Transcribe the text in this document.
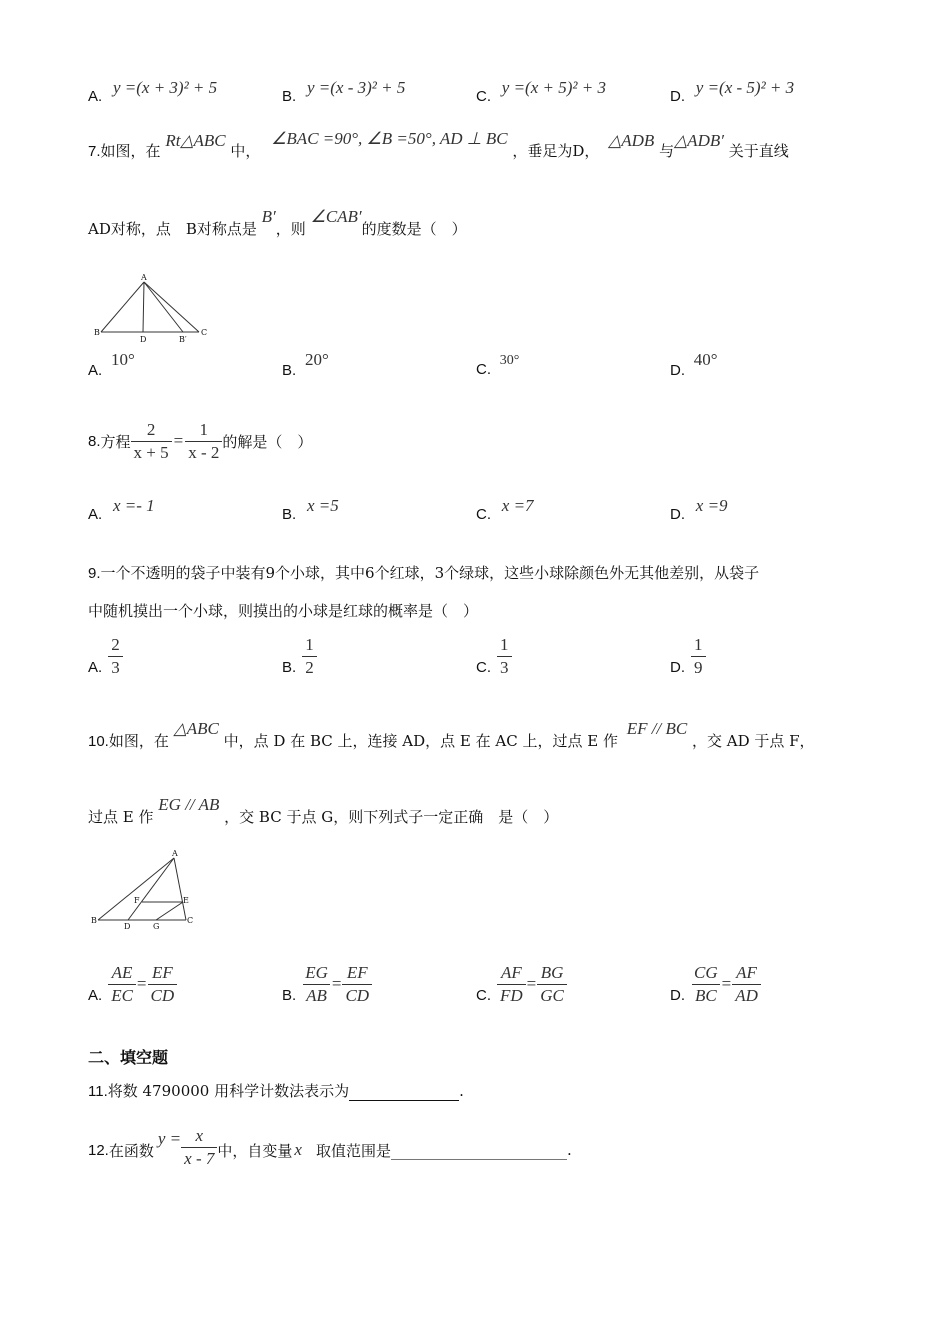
A. y =(x + 3)² + 5	B. y =(x - 3)² + 5	C. y =(x + 5)² + 3	D. y =(x - 5)² + 3
7.如图，在 Rt△ABC 中， ∠BAC =90°, ∠B =50°, AD ⊥ BC ，垂足为D， △ADB 与△ADB′ 关于直线
AD对称，点　B对称点是 B′，则 ∠CAB′的度数是（　）
A
B	C
D	B′
A. 10°
B. 20°
C. 30°
D. 40°
8. 方程 $\frac{2}{x + 5} = \frac{1}{x - 2}$ 的解是（　）
A. x =- 1	B. x =5	C. x =7	D. x =9
9.一个不透明的袋子中装有9个小球，其中6个红球，3个绿球，这些小球除颜色外无其他差别，从袋子
中随机摸出一个小球，则摸出的小球是红球的概率是（　）
A. $\frac{2}{3}$	B. $\frac{1}{2}$	C. $\frac{1}{3}$	D. $\frac{1}{9}$
10.如图，在 △ABC 中，点 D 在 BC 上，连接 AD，点 E 在 AC 上，过点 E 作 EF // BC ，交 AD 于点 F，
过点 E 作 EG // AB ，交 BC 于点 G，则下列式子一定正确　是（　）
A
B	C
D
E
F
G
A. $\frac{AE}{EC} = \frac{EF}{CD}$	B. $\frac{EG}{AB} = \frac{EF}{CD}$	C. $\frac{AF}{FD} = \frac{BG}{GC}$	D. $\frac{CG}{BC} = \frac{AF}{AD}$
二、填空题
11.将数 4790000 用科学计数法表示为	.
12. 在函数
$y = \frac{x}{x - 7}$ 中，自变量 x 取值范围是	.
